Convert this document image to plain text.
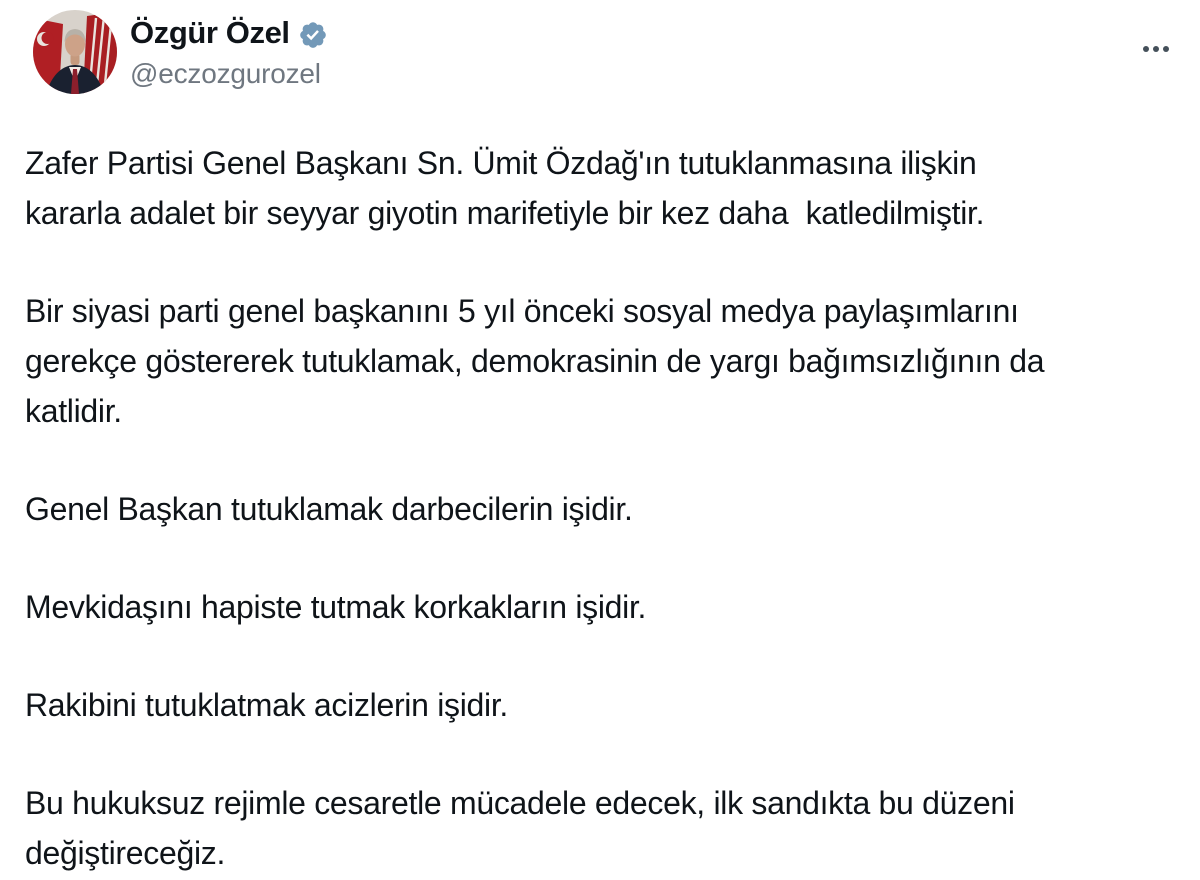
Özgür Özel
@eczozgurozel

Zafer Partisi Genel Başkanı Sn. Ümit Özdağ'ın tutuklanmasına ilişkin
kararla adalet bir seyyar giyotin marifetiyle bir kez daha  katledilmiştir.

Bir siyasi parti genel başkanını 5 yıl önceki sosyal medya paylaşımlarını
gerekçe göstererek tutuklamak, demokrasinin de yargı bağımsızlığının da
katlidir.

Genel Başkan tutuklamak darbecilerin işidir.

Mevkidaşını hapiste tutmak korkakların işidir.

Rakibini tutuklatmak acizlerin işidir.

Bu hukuksuz rejimle cesaretle mücadele edecek, ilk sandıkta bu düzeni
değiştireceğiz.
